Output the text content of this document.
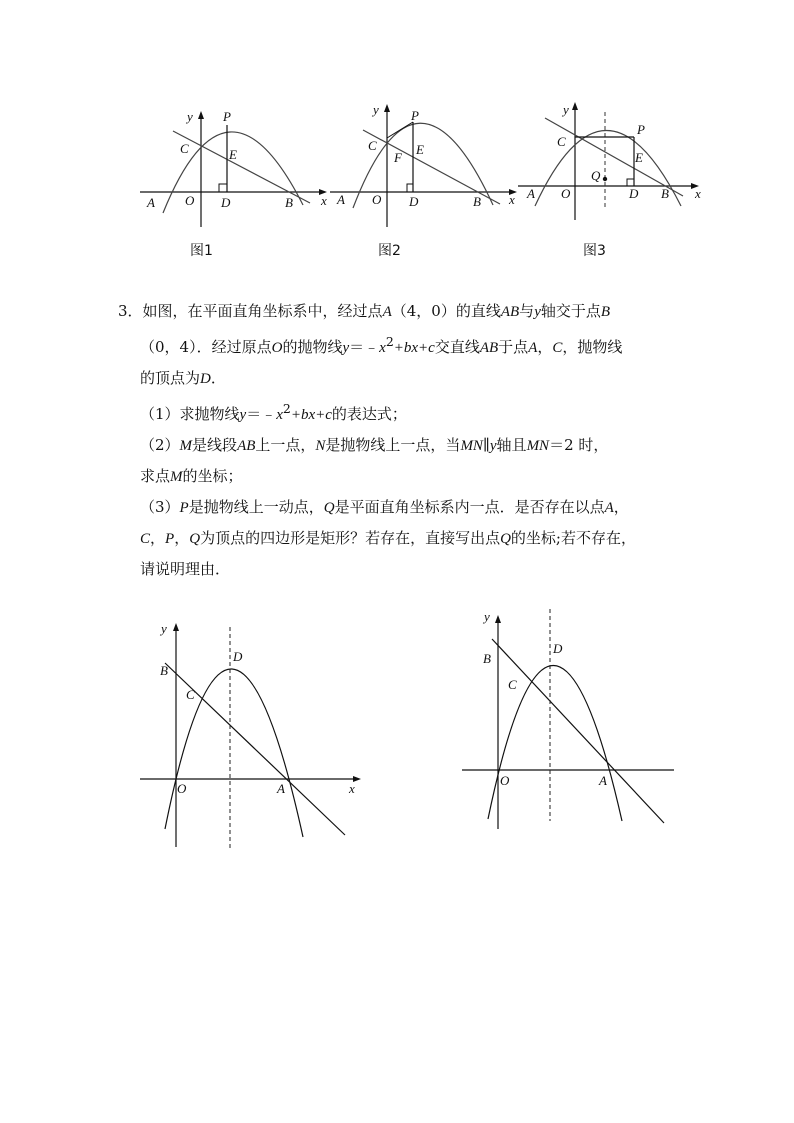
y
x
P
C	E
A O D	B
图1
y
x
P
C
F
E
A O D	B
图2
y
x
P
C
E
Q
A O	D B
图3

3．如图，在平面直角坐标系中，经过点A（4，0）的直线AB与y轴交于点B

（0，4）．经过原点O的抛物线$y=﹣x^2+bx+c$交直线AB于点A，C，抛物线

的顶点为D．

（1）求抛物线$y=﹣x^2+bx+c$的表达式；

（2）M是线段AB上一点，N是抛物线上一点，当MN∥y轴且MN＝2 时，

求点M的坐标；

（3）P是抛物线上一动点，Q是平面直角坐标系内一点．是否存在以点A，

C，P，Q为顶点的四边形是矩形？若存在，直接写出点Q的坐标;若不存在，

请说明理由．

y
x
B
C
D
O	A
y
B
C
D
O	A
